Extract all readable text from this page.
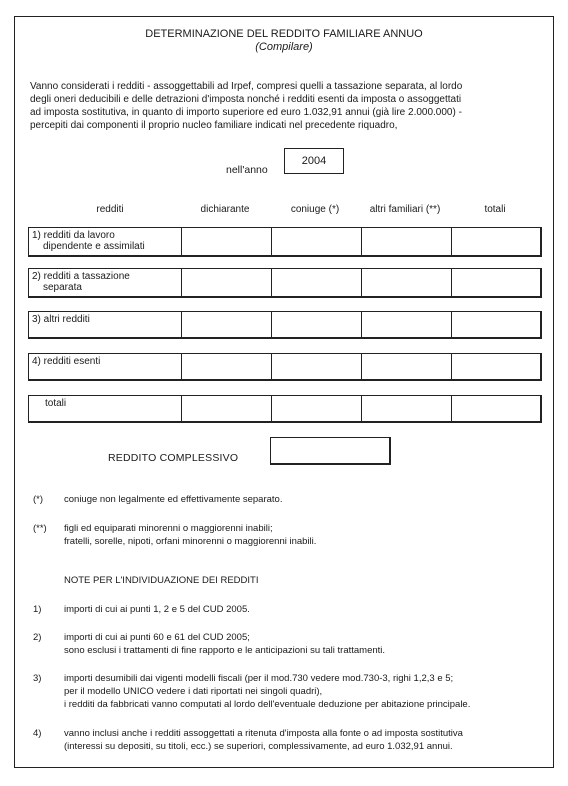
DETERMINAZIONE DEL REDDITO FAMILIARE ANNUO
(Compilare)
Vanno considerati i redditi - assoggettabili ad Irpef, compresi quelli a tassazione separata, al lordo
degli oneri deducibili e delle detrazioni d'imposta nonché i redditi esenti da imposta o assoggettati
ad imposta sostitutiva, in quanto di importo superiore ed euro 1.032,91 annui (già lire 2.000.000) -
percepiti dai componenti il proprio nucleo familiare indicati nel precedente riquadro,
nell'anno
2004
redditi	dichiarante	coniuge (*)	altri familiari (**)	totali
1) redditi da lavoro
dipendente e assimilati
2) redditi a tassazione
separata
3) altri redditi
4) redditi esenti
totali
REDDITO COMPLESSIVO
(*) coniuge non legalmente ed effettivamente separato.
(**) figli ed equiparati minorenni o maggiorenni inabili;
fratelli, sorelle, nipoti, orfani minorenni o maggiorenni inabili.
NOTE PER L'INDIVIDUAZIONE DEI REDDITI
1) importi di cui ai punti 1, 2 e 5 del CUD 2005.
2) importi di cui ai punti 60 e 61 del CUD 2005;
sono esclusi i trattamenti di fine rapporto e le anticipazioni su tali trattamenti.
3) importi desumibili dai vigenti modelli fiscali (per il mod.730 vedere mod.730-3, righi 1,2,3 e 5;
per il modello UNICO vedere i dati riportati nei singoli quadri),
i redditi da fabbricati vanno computati al lordo dell'eventuale deduzione per abitazione principale.
4) vanno inclusi anche i redditi assoggettati a ritenuta d'imposta alla fonte o ad imposta sostitutiva
(interessi su depositi, su titoli, ecc.) se superiori, complessivamente, ad euro 1.032,91 annui.
